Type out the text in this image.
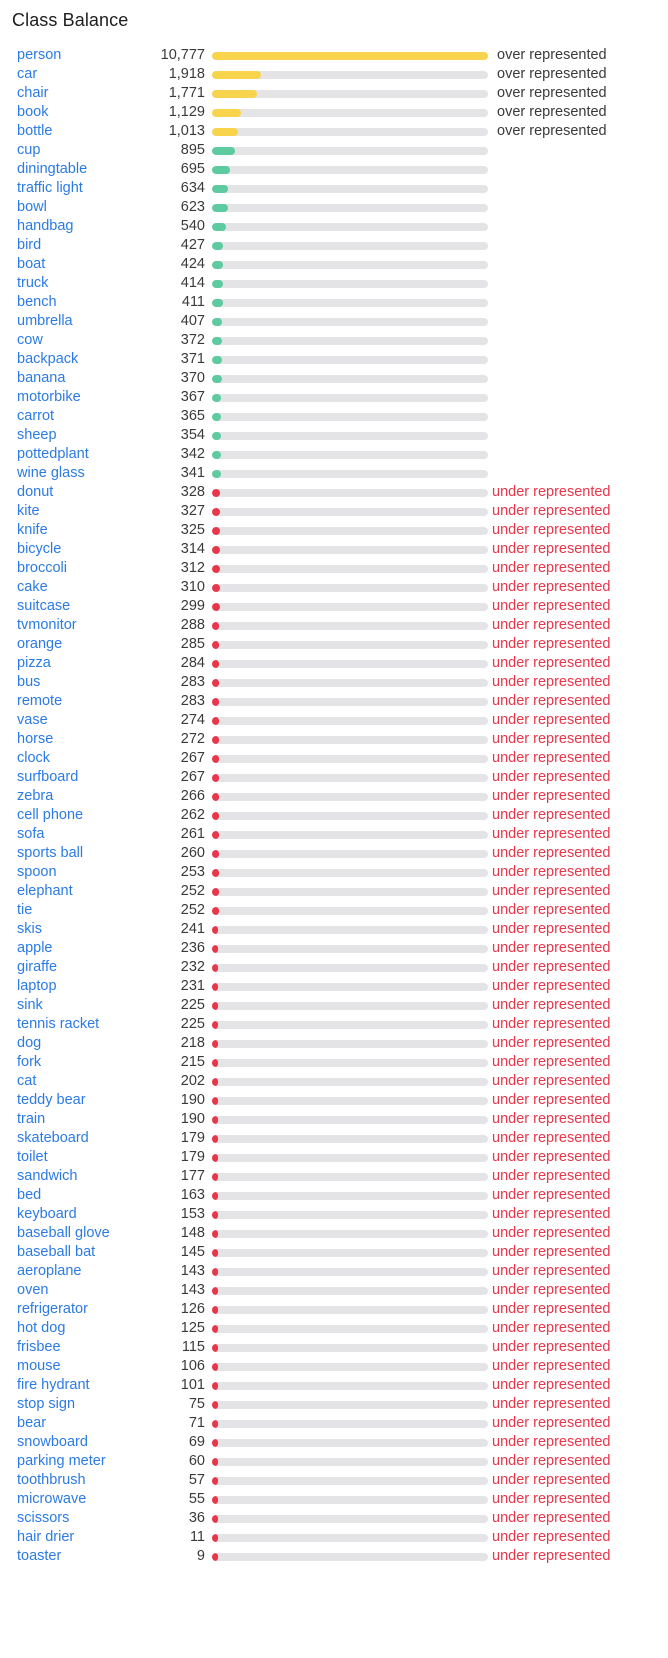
Class Balance
person	10,777	over represented
car	1,918	over represented
chair	1,771	over represented
book	1,129	over represented
bottle	1,013	over represented
cup	895
diningtable	695
traffic light	634
bowl	623
handbag	540
bird	427
boat	424
truck	414
bench	411
umbrella	407
cow	372
backpack	371
banana	370
motorbike	367
carrot	365
sheep	354
pottedplant	342
wine glass	341
donut	328	under represented
kite	327	under represented
knife	325	under represented
bicycle	314	under represented
broccoli	312	under represented
cake	310	under represented
suitcase	299	under represented
tvmonitor	288	under represented
orange	285	under represented
pizza	284	under represented
bus	283	under represented
remote	283	under represented
vase	274	under represented
horse	272	under represented
clock	267	under represented
surfboard	267	under represented
zebra	266	under represented
cell phone	262	under represented
sofa	261	under represented
sports ball	260	under represented
spoon	253	under represented
elephant	252	under represented
tie	252	under represented
skis	241	under represented
apple	236	under represented
giraffe	232	under represented
laptop	231	under represented
sink	225	under represented
tennis racket	225	under represented
dog	218	under represented
fork	215	under represented
cat	202	under represented
teddy bear	190	under represented
train	190	under represented
skateboard	179	under represented
toilet	179	under represented
sandwich	177	under represented
bed	163	under represented
keyboard	153	under represented
baseball glove	148	under represented
baseball bat	145	under represented
aeroplane	143	under represented
oven	143	under represented
refrigerator	126	under represented
hot dog	125	under represented
frisbee	115	under represented
mouse	106	under represented
fire hydrant	101	under represented
stop sign	75	under represented
bear	71	under represented
snowboard	69	under represented
parking meter	60	under represented
toothbrush	57	under represented
microwave	55	under represented
scissors	36	under represented
hair drier	11	under represented
toaster	9	under represented
